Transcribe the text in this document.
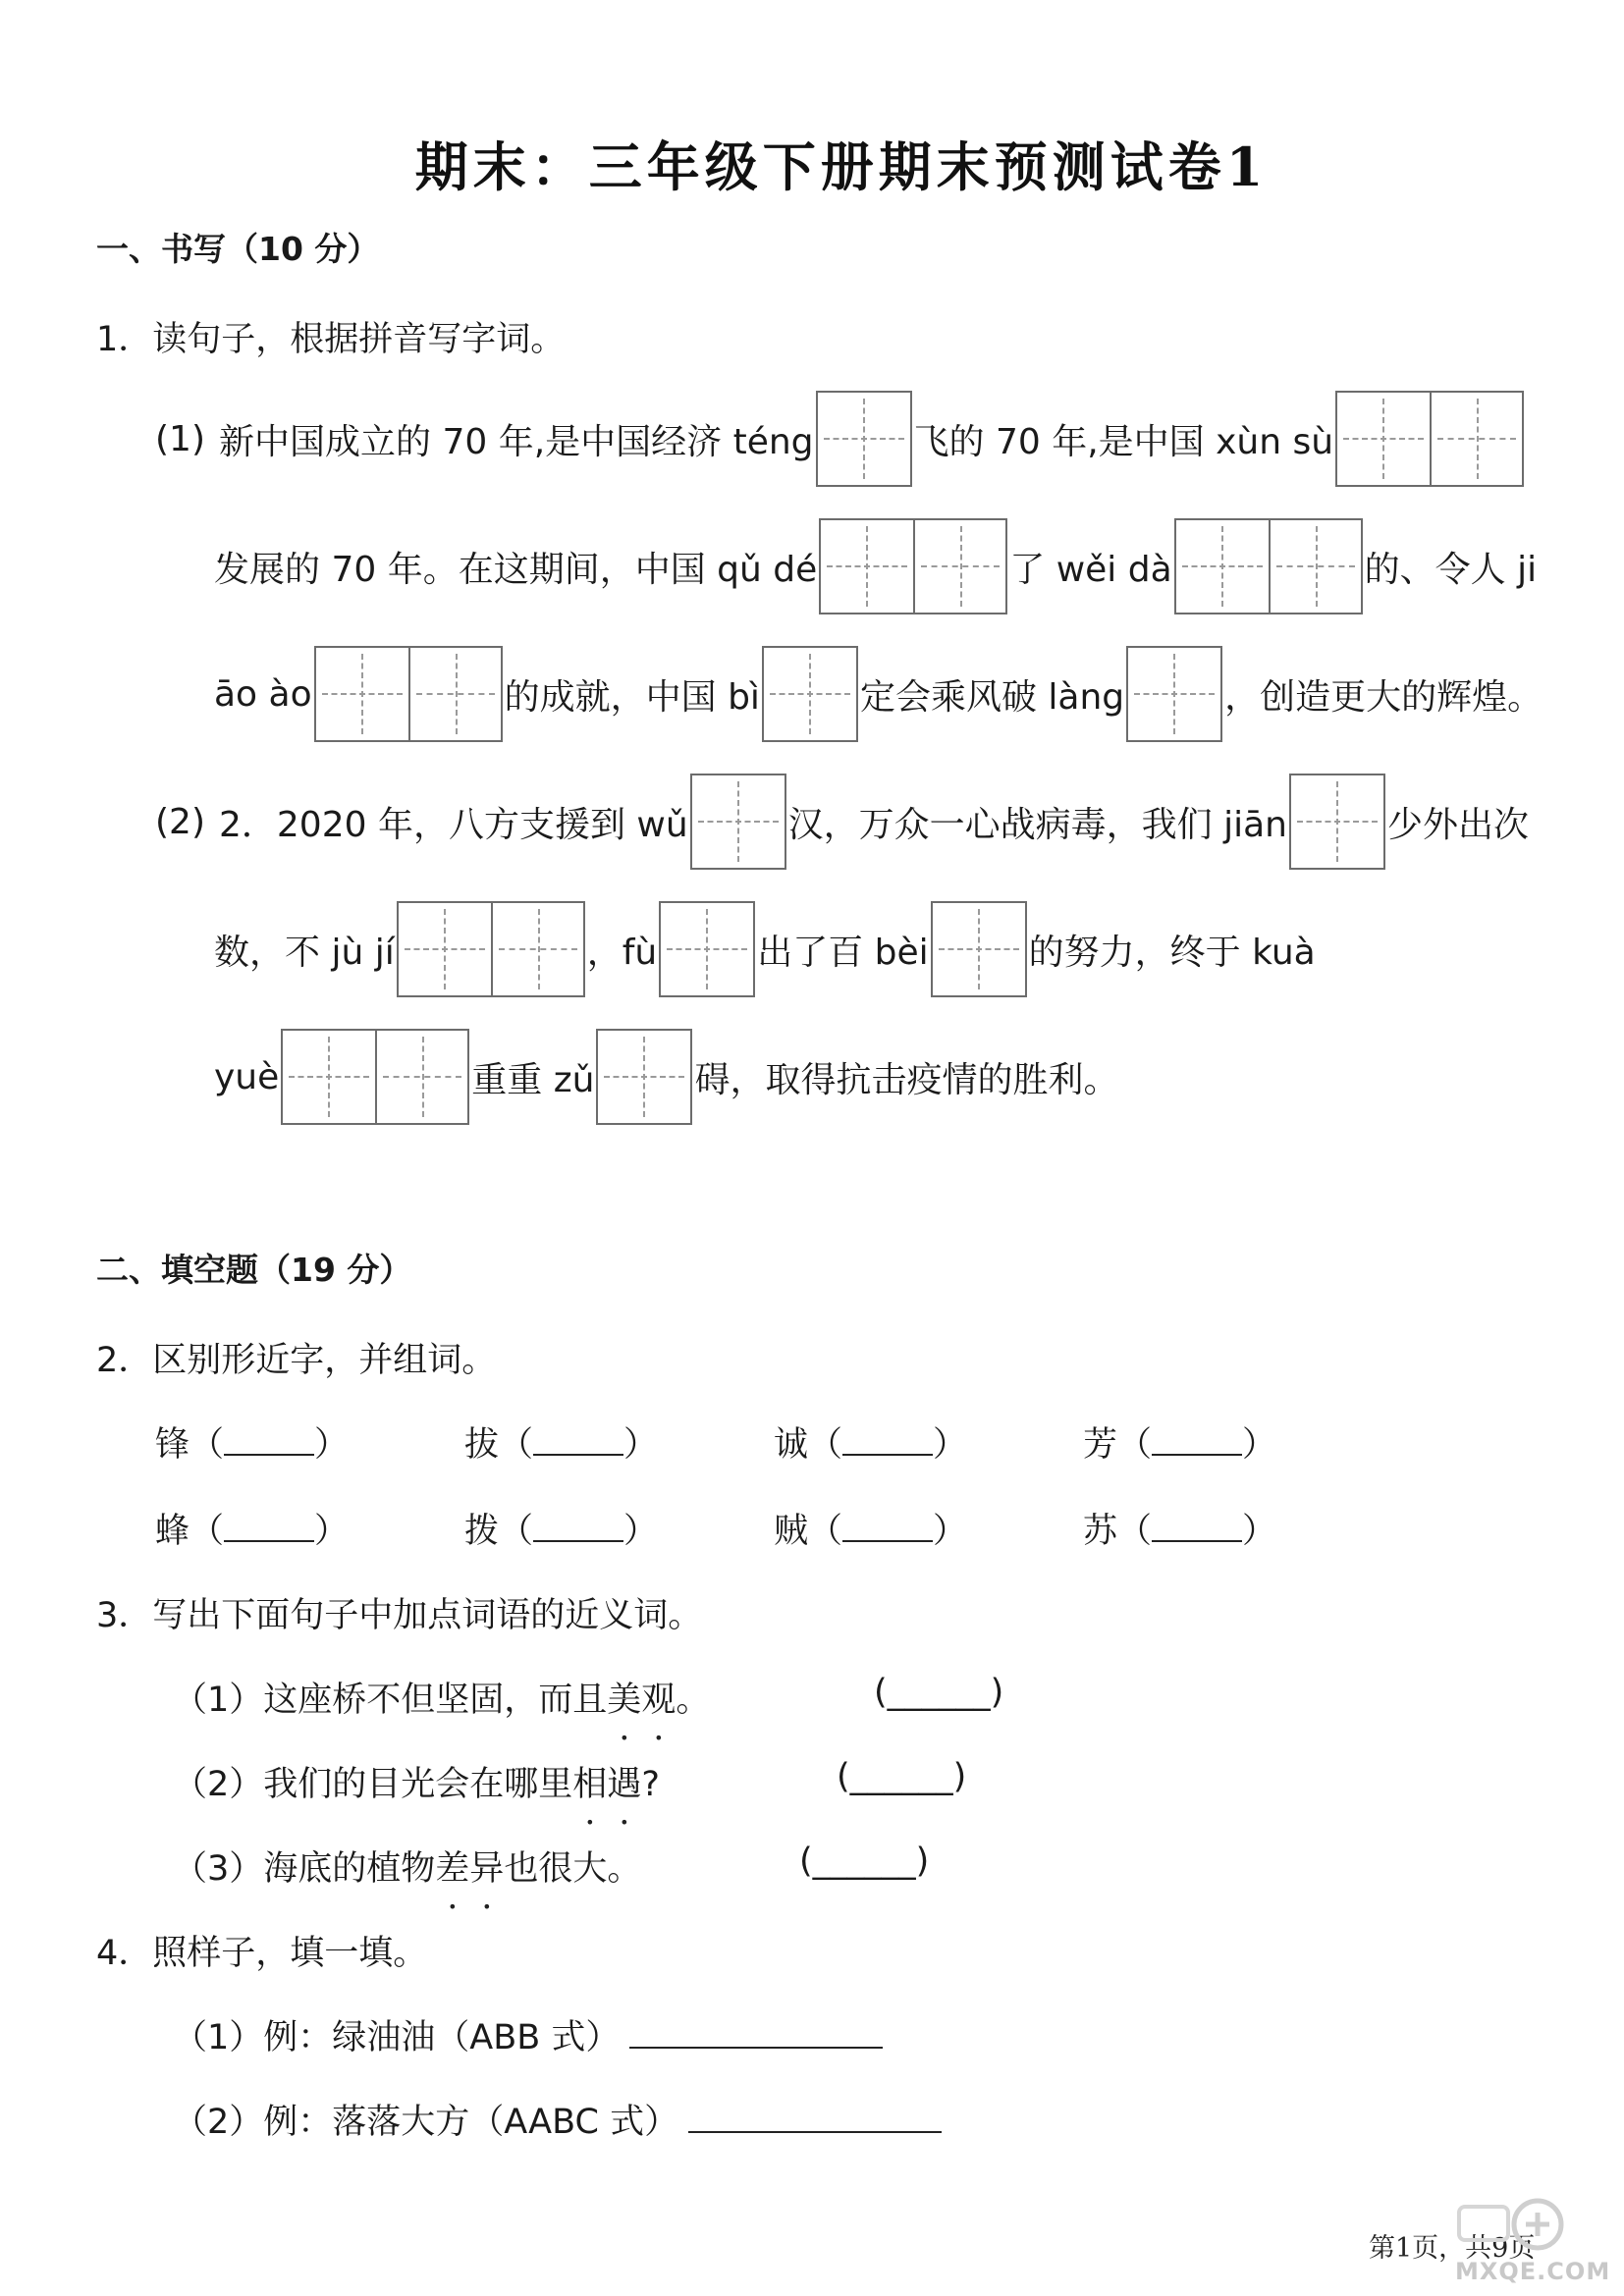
期末：三年级下册期末预测试卷1
一、书写（10 分）
1．读句子，根据拼音写字词。
(1) 新中国成立的 70 年,是中国经济 téng	飞的 70 年,是中国 xùn sù
发展的 70 年。在这期间，中国 qǔ dé	了 wěi dà	的、令人 ji
āo ào	的成就，中国 bì	定会乘风破 làng	，创造更大的辉煌。
(2) 2．2020 年，八方支援到 wǔ	汉，万众一心战病毒，我们 jiān	少外出次
数，不 jù jí	，fù	出了百 bèi	的努力，终于 kuà
yuè	重重 zǔ	碍，取得抗击疫情的胜利。
二、填空题（19 分）
2．区别形近字，并组词。
锋（	）	拔（	）	诚（	）	芳（	）
蜂（	）	拨（	）	贼（	）	苏（	）
3．写出下面句子中加点词语的近义词。
（1）这座桥不但坚固，而且美观。	(______)
（2）我们的目光会在哪里相遇?	(______)
（3）海底的植物差异也很大。	(______)
4．照样子，填一填。
（1）例：绿油油（ABB 式）
（2）例：落落大方（AABC 式）
第1页，共9页
MXQE.COM
